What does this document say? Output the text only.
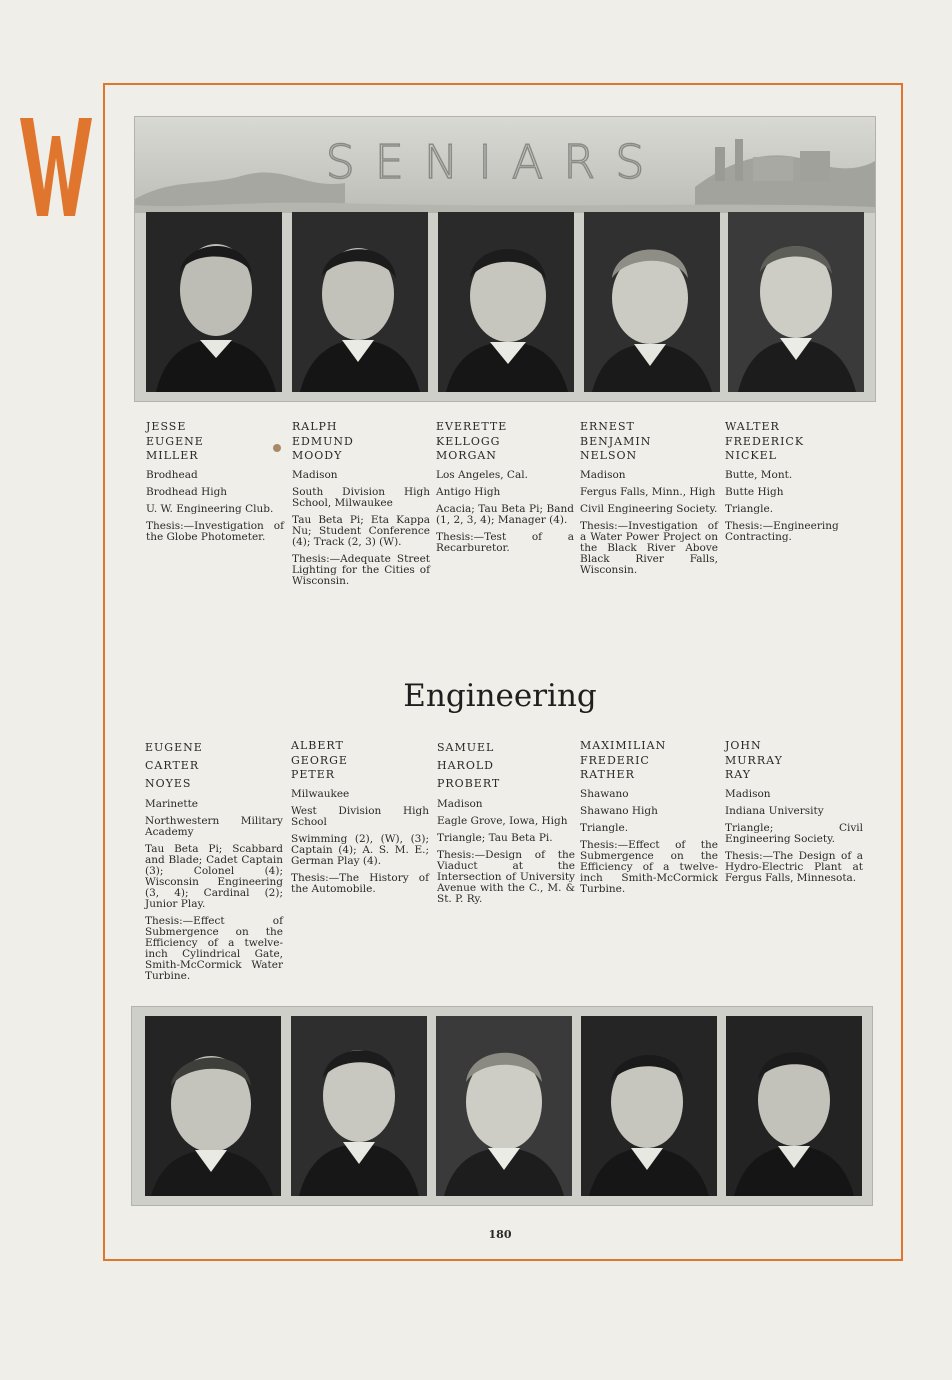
SENIARS

JESSE

EUGENE

MILLER

Brodhead

Brodhead High

U. W. Engineering Club.

Thesis:—Investigation of the Globe Photometer.

RALPH

EDMUND

MOODY

Madison

South Division High School, Milwaukee

Tau Beta Pi; Eta Kappa Nu; Student Conference (4); Track (2, 3) (W).

Thesis:—Adequate Street Lighting for the Cities of Wisconsin.

EVERETTE

KELLOGG

MORGAN

Los Angeles, Cal.

Antigo High

Acacia; Tau Beta Pi; Band (1, 2, 3, 4); Manager (4).

Thesis:—Test of a Recarburetor.

ERNEST

BENJAMIN

NELSON

Madison

Fergus Falls, Minn., High

Civil Engineering Society.

Thesis:—Investigation of a Water Power Project on the Black River Above Black River Falls, Wisconsin.

WALTER

FREDERICK

NICKEL

Butte, Mont.

Butte High

Triangle.

Thesis:—Engineering Contracting.

Engineering

EUGENE

CARTER

NOYES

Marinette

Northwestern Military Academy

Tau Beta Pi; Scabbard and Blade; Cadet Captain (3); Colonel (4); Wisconsin Engineering (3, 4); Cardinal (2); Junior Play.

Thesis:—Effect of Submergence on the Efficiency of a twelve-inch Cylindrical Gate, Smith-McCormick Water Turbine.

ALBERT

GEORGE

PETER

Milwaukee

West Division High School

Swimming (2), (W), (3); Captain (4); A. S. M. E.; German Play (4).

Thesis:—The History of the Automobile.

SAMUEL

HAROLD

PROBERT

Madison

Eagle Grove, Iowa, High

Triangle; Tau Beta Pi.

Thesis:—Design of the Viaduct at the Intersection of University Avenue with the C., M. & St. P. Ry.

MAXIMILIAN

FREDERIC

RATHER

Shawano

Shawano High

Triangle.

Thesis:—Effect of the Submergence on the Efficiency of a twelve-inch Smith-McCormick Turbine.

JOHN

MURRAY

RAY

Madison

Indiana University

Triangle; Civil Engineering Society.

Thesis:—The Design of a Hydro-Electric Plant at Fergus Falls, Minnesota.

180
